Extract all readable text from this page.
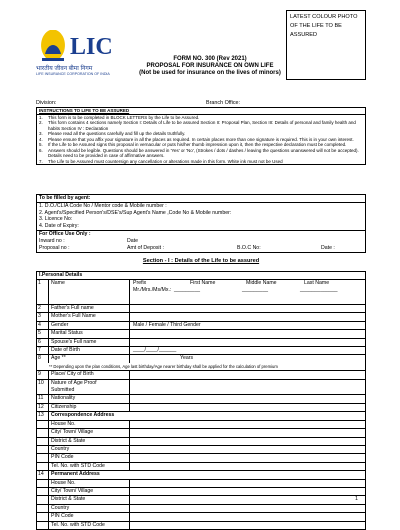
LIC
भारतीय जीवन बीमा निगम
LIFE INSURANCE CORPORATION OF INDIA
LATEST COLOUR PHOTO OF THE LIFE TO BE ASSURED
FORM NO. 300 (Rev 2021)
PROPOSAL FOR INSURANCE ON OWN LIFE
(Not be used for insurance on the lives of minors)
Division:	Branch Office:
INSTRUCTIONS TO LIFE TO BE ASSURED
1.	This form is to be completed in BLOCK LETTERS by the Life to be Assured.
2.	This form contains 4 sections namely Section I: Details of Life to be assured Section II: Proposal Plan, Section III: Details of personal and family health and habits Section IV : Declaration
3.	Please read all the questions carefully and fill up the details truthfully.
4.	Please ensure that you affix your signature in all the places as required. In certain places more than one signature is required. This is in your own interest.
5.	If the Life to be Assured signs this proposal in vernacular or puts his/her thumb impression upon it, then the respective declaration must be completed.
6.	Answers should be legible. Questions should be answered in 'Yes' or 'No', (Strokes / dots / dashes / leaving the questions unanswered will not be accepted). Details need to be provided in case of affirmative answers.
7.	The Life to be Assured must countersign any cancellation or alterations made in this form. White ink must not be Used
To be filled by agent:
1. D.O./CLIA Code No / Mentor code & Mobile number :
2. Agent's/Specified Person's/DSE's/Sup Agent's Name ,Code No & Mobile number:
3. Licence No:
4. Date of Expiry:
For Office Use Only :
Inward no :	Date
Proposal no :	Amt of Deposit :	B.O.C No:	Date :
Section - I : Details of the Life to be assured
I.Personal Details
1	Name	Prefix
Mr./Mrs./Ms/Mx.: _________
First Name	Middle Name
_________
Last Name
_____________
2	Father's Full name
3	Mother's Full Name
4	Gender	Male / Female / Third Gender
5	Marital Status
6	Spouse's Full name
7	Date of Birth	____/____/______
8	Age **	Years
** Depending upon the plan conditions, Age last birthday/Age nearer birthday shall be applied for the calculation of premium
9	Place/ City of Birth
10	Nature of Age Proof
Submitted
11	Nationality
12	Citizenship
13	Correspondence Address
House No.
City/ Town/ Village
District & State
Country
PIN Code
Tel. No. with STD Code
14	Permanent Address
House No.
City/ Town/ Village
District & State
Country
PIN Code
Tel. No. with STD Code
1
